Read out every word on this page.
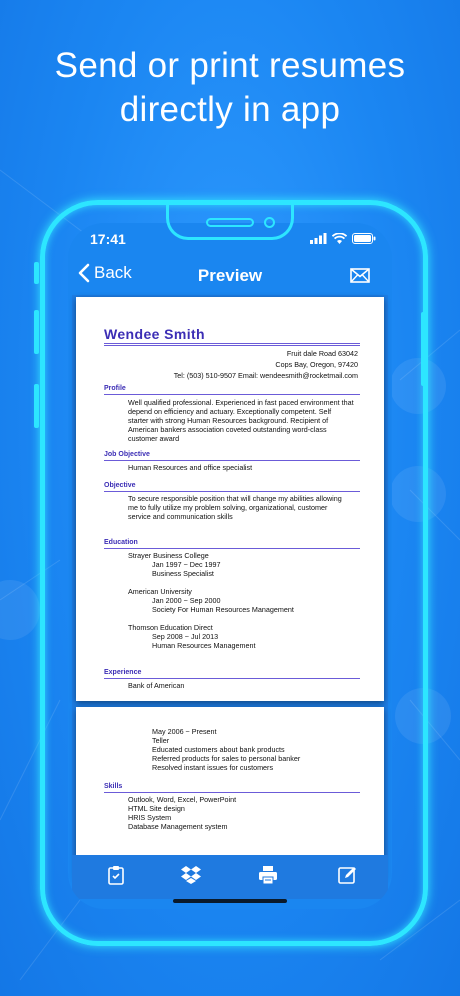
Send or print resumes
directly in app
17:41
Back	Preview
Wendee Smith
Fruit dale Road 63042
Cops Bay, Oregon, 97420
Tel: (503) 510-9507 Email: wendeesmith@rocketmail.com
Profile
Well qualified professional. Experienced in fast paced environment that
depend on efficiency and actuary. Exceptionally competent. Self
starter with strong Human Resources background. Recipient of
American bankers association coveted outstanding word-class
customer award
Job Objective
Human Resources and office specialist
Objective
To secure responsible position that will change my abilities allowing
me to fully utilize my problem solving, organizational, customer
service and communication skills
Education
Strayer Business College
Jan 1997 ~ Dec 1997
Business Specialist
American University
Jan 2000 ~ Sep 2000
Society For Human Resources Management
Thomson Education Direct
Sep 2008 ~ Jul 2013
Human Resources Management
Experience
Bank of American
May 2006 ~ Present
Teller
Educated customers about bank products
Referred products for sales to personal banker
Resolved instant issues for customers
Skills
Outlook, Word, Excel, PowerPoint
HTML Site design
HRIS System
Database Management system
